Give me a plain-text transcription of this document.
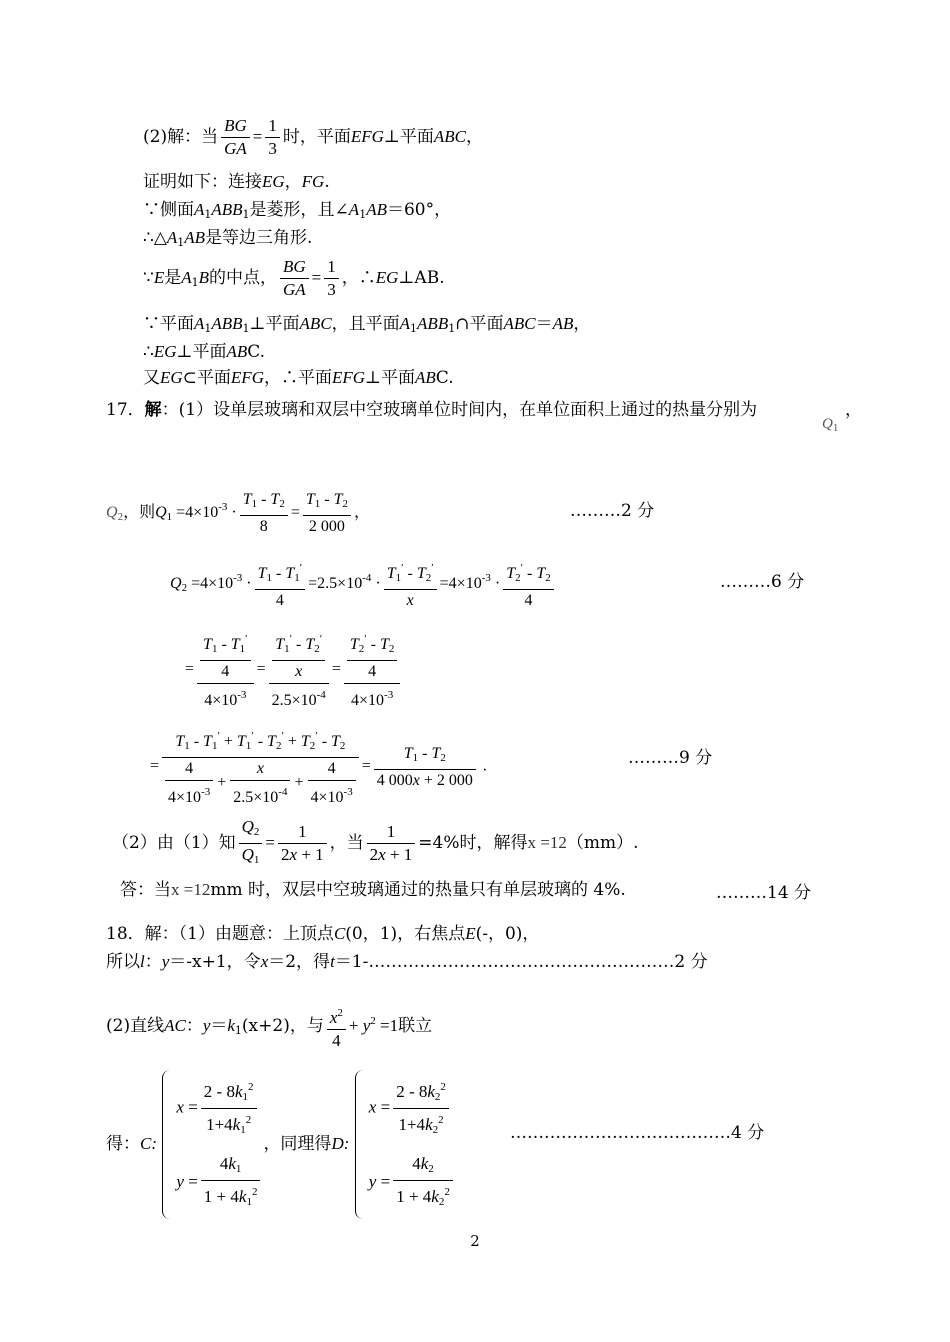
(2)解：当 $\frac{BG}{GA} = \frac{1}{3}$ 时，平面EFG⊥平面ABC，
证明如下：连接EG，FG.
∵侧面$A_1ABB_1$是菱形，且$\angle A_1AB=60^\circ$，
$\therefore\triangle A_1AB$是等边三角形.
∵E是$A_1B$的中点， $\frac{BG}{GA} = \frac{1}{3}$ ，∴EG⊥AB.
∵平面$A_1ABB_1\perp$平面ABC，且平面$A_1ABB_1\cap$平面ABC＝AB，
∴EG⊥平面ABC.
又EG⊂平面EFG，∴平面EFG⊥平面ABC.
17．解：(1）设单层玻璃和双层中空玻璃单位时间内，在单位面积上通过的热量分别为
$Q_1$
，
$Q_2$，则$Q_1 =4\times 10^{-3} \cdot \frac{T_1 - T_2}{8} = \frac{T_1 - T_2}{2 000}$ ，	………2 分
$Q_2 =4\times 10^{-3} \cdot \frac{T_1 - T_1'}{4} =2.5\times 10^{-4} \cdot \frac{T_1' - T_2'}{x} =4\times 10^{-3} \cdot \frac{T_2' - T_2}{4}$	………6 分
= $\frac{\frac{T_1 - T_1'}{4}}{4\times 10^{-3}} = \frac{\frac{T_1' - T_2'}{x}}{2.5\times 10^{-4}} = \frac{\frac{T_2' - T_2}{4}}{4\times 10^{-3}}$
= $\frac{T_1 - T_1' + T_1' - T_2' + T_2' - T_2}{\frac{4}{4\times 10^{-3}} + \frac{x}{2.5\times 10^{-4}} + \frac{4}{4\times 10^{-3}}} = \frac{T_1 - T_2}{4 000x + 2 000}$ .	………9 分
（2）由（1）知 $\frac{Q_2}{Q_1} = \frac{1}{2x + 1}$ ，当 $\frac{1}{2x + 1} =4\%$时，解得x =12（mm）.
答：当x =12mm 时，双层中空玻璃通过的热量只有单层玻璃的 4%.	………14 分
18．解：（1）由题意：上顶点C(0，1)，右焦点E(-，0)，
所以l：y＝-x+1，令x＝2，得t＝1-………………………………………………2 分
(2)直线AC：$y=k_1(x+2)$，与 $\frac{x^2}{4} + y^2 =1$联立
得：C:
$x = \frac{2 - 8k_1^2}{1+4k_1^2}$
$y = \frac{4k_1}{1 + 4k_1^2}$
，同理得D:
$x = \frac{2 - 8k_2^2}{1+4k_2^2}$
$y = \frac{4k_2}{1 + 4k_2^2}$
…………………………………4 分
2
